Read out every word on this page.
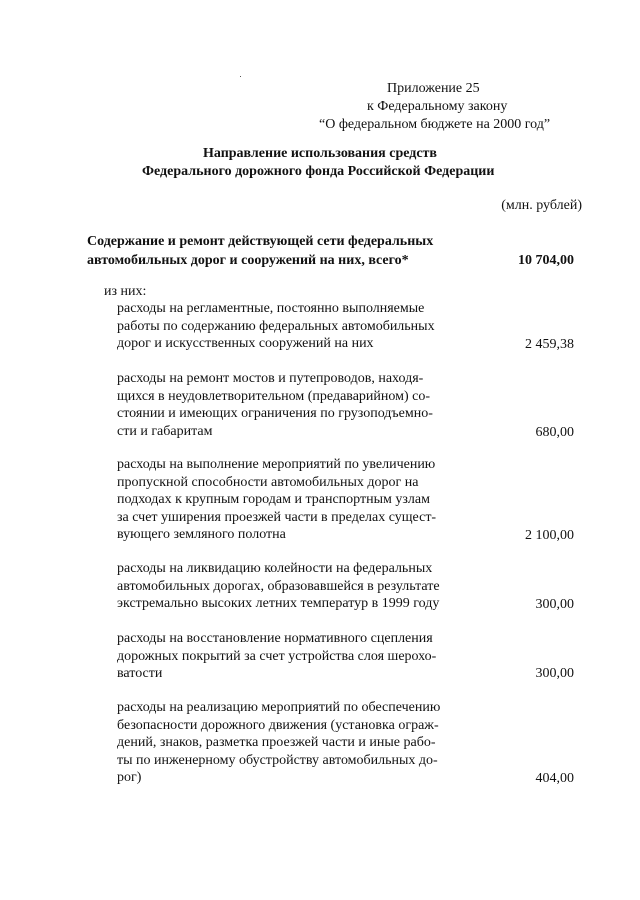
Приложение 25
к Федеральному закону
“О федеральном бюджете на 2000 год”
Направление использования средств
Федерального дорожного фонда Российской Федерации
(млн. рублей)
Содержание и ремонт действующей сети федеральных
автомобильных дорог и сооружений на них, всего*	10 704,00
из них:
расходы на регламентные, постоянно выполняемые
работы по содержанию федеральных автомобильных
дорог и искусственных сооружений на них	2 459,38
расходы на ремонт мостов и путепроводов, находя-
щихся в неудовлетворительном (предаварийном) со-
стоянии и имеющих ограничения по грузоподъемно-
сти и габаритам	680,00
расходы на выполнение мероприятий по увеличению
пропускной способности автомобильных дорог на
подходах к крупным городам и транспортным узлам
за счет уширения проезжей части в пределах сущест-
вующего земляного полотна	2 100,00
расходы на ликвидацию колейности на федеральных
автомобильных дорогах, образовавшейся в результате
экстремально высоких летних температур в 1999 году	300,00
расходы на восстановление нормативного сцепления
дорожных покрытий за счет устройства слоя шерохо-
ватости	300,00
расходы на реализацию мероприятий по обеспечению
безопасности дорожного движения (установка ограж-
дений, знаков, разметка проезжей части и иные рабо-
ты по инженерному обустройству автомобильных до-
рог)	404,00
